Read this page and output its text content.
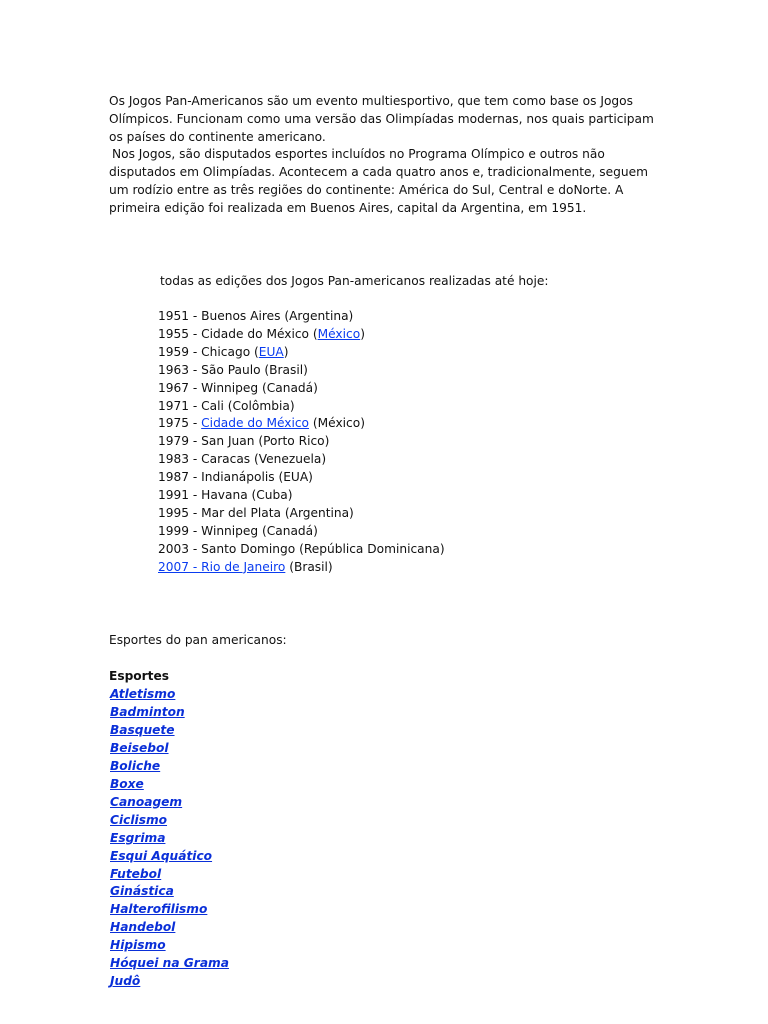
Os Jogos Pan-Americanos são um evento multiesportivo, que tem como base os Jogos Olímpicos. Funcionam como uma versão das Olimpíadas modernas, nos quais participam os países do continente americano.

Nos Jogos, são disputados esportes incluídos no Programa Olímpico e outros não disputados em Olimpíadas. Acontecem a cada quatro anos e, tradicionalmente, seguem um rodízio entre as três regiões do continente: América do Sul, Central e doNorte. A primeira edição foi realizada em Buenos Aires, capital da Argentina, em 1951.

todas as edições dos Jogos Pan-americanos realizadas até hoje:
1951 - Buenos Aires (Argentina)
1955 - Cidade do México (México)
1959 - Chicago (EUA)
1963 - São Paulo (Brasil)
1967 - Winnipeg (Canadá)
1971 - Cali (Colômbia)
1975 - Cidade do México (México)
1979 - San Juan (Porto Rico)
1983 - Caracas (Venezuela)
1987 - Indianápolis (EUA)
1991 - Havana (Cuba)
1995 - Mar del Plata (Argentina)
1999 - Winnipeg (Canadá)
2003 - Santo Domingo (República Dominicana)
2007 - Rio de Janeiro (Brasil)
Esportes do pan americanos:
Esportes
Atletismo
Badminton
Basquete
Beisebol
Boliche
Boxe
Canoagem
Ciclismo
Esgrima
Esqui Aquático
Futebol
Ginástica
Halterofilismo
Handebol
Hipismo
Hóquei na Grama
Judô
